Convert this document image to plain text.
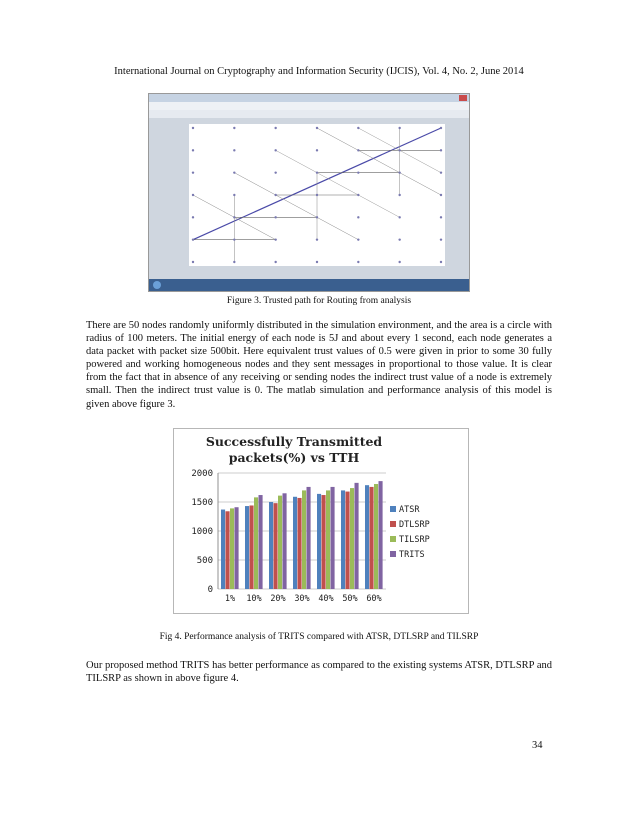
International Journal on Cryptography and Information Security (IJCIS), Vol. 4, No. 2, June 2014
Figure 3. Trusted path for Routing from analysis

There are 50 nodes randomly uniformly distributed in the simulation environment, and the area is a circle with radius of 100 meters. The initial energy of each node is 5J and about every 1 second, each node generates a data packet with packet size 500bit. Here equivalent trust values of 0.5 were given in prior to some 30 fully powered and working homogeneous nodes and they sent messages in proportional to those value. It is clear from the fact that in absence of any receiving or sending nodes the indirect trust value of a node is extremely small. Then the indirect trust value is 0. The matlab simulation and performance analysis of this model is given above figure 3.

Successfully Transmitted
packets(%) vs TTH
0
500
1000
1500
2000
1% 10% 20% 30% 40% 50% 60%
ATSR
DTLSRP
TILSRP
TRITS
Fig 4. Performance analysis of TRITS compared with ATSR, DTLSRP and TILSRP

Our proposed method TRITS has better performance as compared to the existing systems ATSR, DTLSRP and TILSRP as shown in above figure 4.

34
